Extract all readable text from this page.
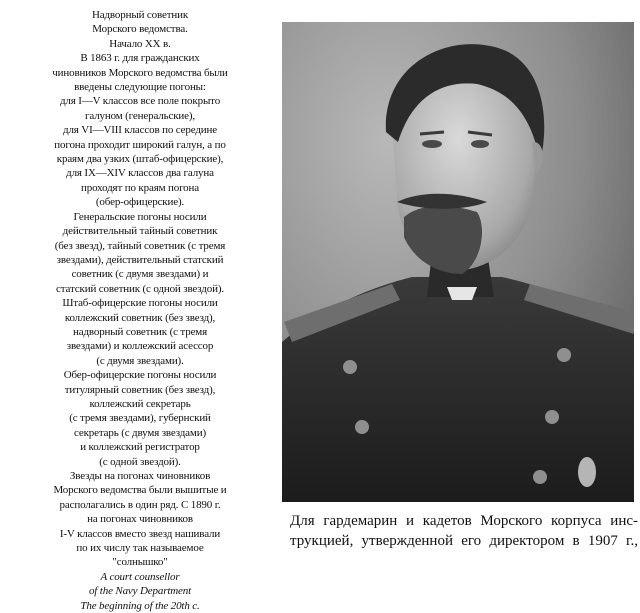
Надворный советник
Морского ведомства.
Начало XX в.
В 1863 г. для гражданских
чиновников Морского ведомства были
введены следующие погоны:
для I—V классов все поле покрыто
галуном (генеральские),
для VI—VIII классов по середине
погона проходит широкий галун, а по
краям два узких (штаб-офицерские),
для IX—XIV классов два галуна
проходят по краям погона
(обер-офицерские).
Генеральские погоны носили
действительный тайный советник
(без звезд), тайный советник (с тремя
звездами), действительный статский
советник (с двумя звездами) и
статский советник (с одной звездой).
Штаб-офицерские погоны носили
коллежский советник (без звезд),
надворный советник (с тремя
звездами) и коллежский асессор
(с двумя звездами).
Обер-офицерские погоны носили
титулярный советник (без звезд),
коллежский секретарь
(с тремя звездами), губернский
секретарь (с двумя звездами)
и коллежский регистратор
(с одной звездой).
Звезды на погонах чиновников
Морского ведомства были вышитые и
располагались в один ряд. С 1890 г.
на погонах чиновников
I-V классов вместо звезд нашивали
по их числу так называемое
"солнышко"
A court counsellor
of the Navy Department
The beginning of the 20th c.
Для гардемарин и кадетов Морского корпуса инс-
трукцией, утвержденной его директором в 1907 г.,
